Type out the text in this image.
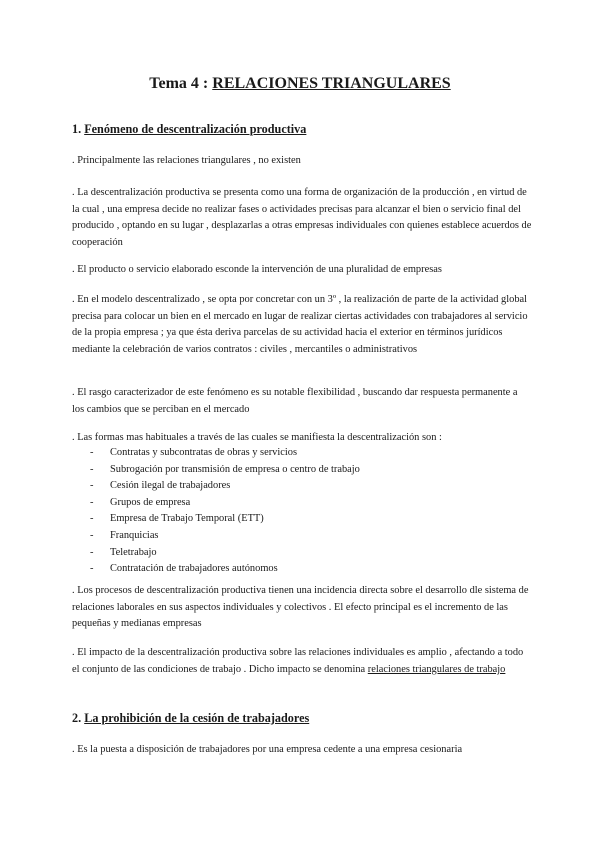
Tema 4 : RELACIONES TRIANGULARES
1. Fenómeno de descentralización productiva

. Principalmente las relaciones triangulares , no existen

. La descentralización productiva se presenta como una forma de organización de la producción , en virtud de la cual , una empresa decide no realizar fases o actividades precisas para alcanzar el bien o servicio final del producido , optando en su lugar , desplazarlas a otras empresas individuales con quienes establece acuerdos de cooperación

. El producto o servicio elaborado esconde la intervención de una pluralidad de empresas

. En el modelo descentralizado , se opta por concretar con un 3º , la realización de parte de la actividad global precisa para colocar un bien en el mercado en lugar de realizar ciertas actividades con trabajadores al servicio de la propia empresa ; ya que ésta deriva parcelas de su actividad hacia el exterior en términos jurídicos mediante la celebración de varios contratos : civiles , mercantiles o administrativos

. El rasgo caracterizador de este fenómeno es su notable flexibilidad , buscando dar respuesta permanente a los cambios que se perciban en el mercado

. Las formas mas habituales a través de las cuales se manifiesta la descentralización son :

- Contratas y subcontratas de obras y servicios
- Subrogación por transmisión de empresa o centro de trabajo
- Cesión ilegal de trabajadores
- Grupos de empresa
- Empresa de Trabajo Temporal (ETT)
- Franquicias
- Teletrabajo
- Contratación de trabajadores autónomos

. Los procesos de descentralización productiva tienen una incidencia directa sobre el desarrollo dle sistema de relaciones laborales en sus aspectos individuales y colectivos . El efecto principal es el incremento de las pequeñas y medianas empresas

. El impacto de la descentralización productiva sobre las relaciones individuales es amplio , afectando a todo el conjunto de las condiciones de trabajo . Dicho impacto se denomina relaciones triangulares de trabajo

2. La prohibición de la cesión de trabajadores

. Es la puesta a disposición de trabajadores por una empresa cedente a una empresa cesionaria
